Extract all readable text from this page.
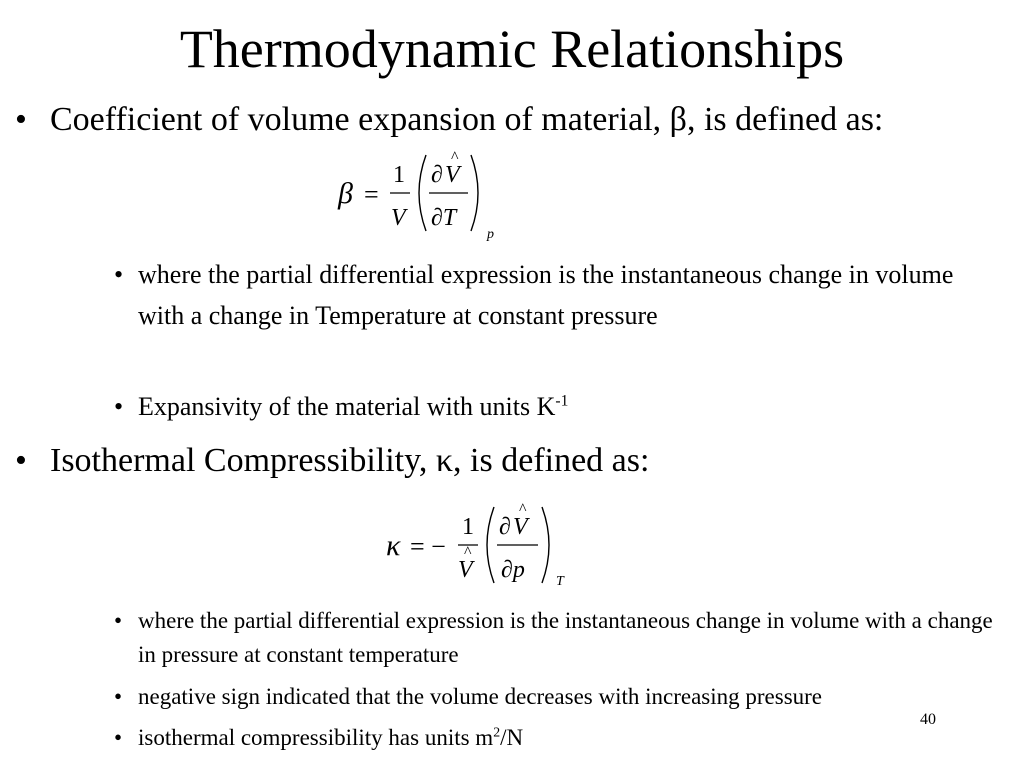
Thermodynamic Relationships
• Coefficient of volume expansion of material, β, is defined as:
β =
1
V
∂ V
^
∂T
p
• where the partial differential expression is the instantaneous change in volume with a change in Temperature at constant pressure
• Expansivity of the material with units $K^{-1}$
• Isothermal Compressibility, κ, is defined as:
κ = −
1
V
^
∂ V
^
∂p T
• where the partial differential expression is the instantaneous change in volume with a change in pressure at constant temperature
• negative sign indicated that the volume decreases with increasing pressure
• isothermal compressibility has units $m^2/N$
40
